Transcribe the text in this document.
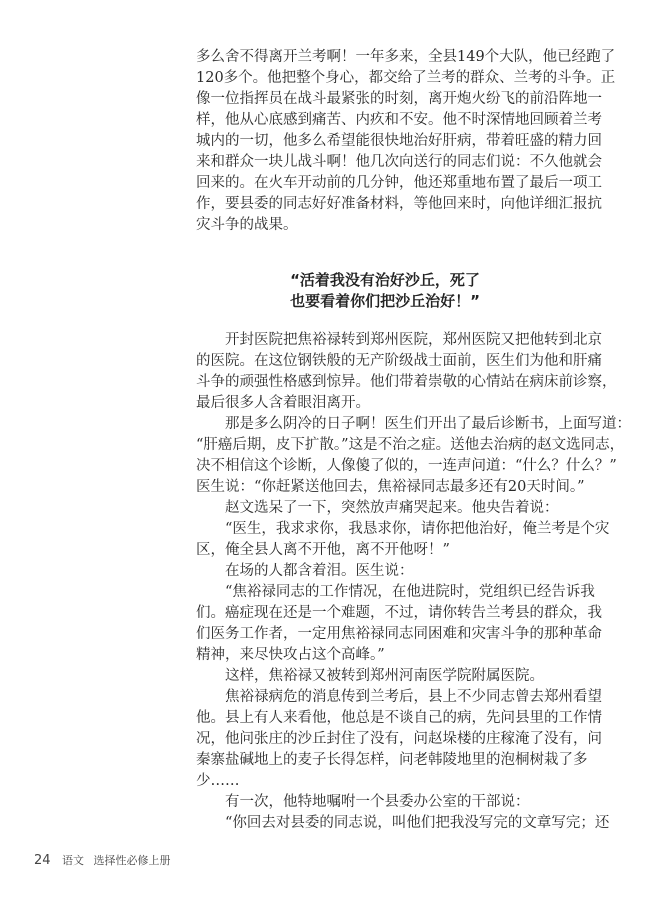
多么舍不得离开兰考啊！一年多来，全县149个大队，他已经跑了
120多个。他把整个身心，都交给了兰考的群众、兰考的斗争。正
像一位指挥员在战斗最紧张的时刻，离开炮火纷飞的前沿阵地一
样，他从心底感到痛苦、内疚和不安。他不时深情地回顾着兰考
城内的一切，他多么希望能很快地治好肝病，带着旺盛的精力回
来和群众一块儿战斗啊！他几次向送行的同志们说：不久他就会
回来的。在火车开动前的几分钟，他还郑重地布置了最后一项工
作，要县委的同志好好准备材料，等他回来时，向他详细汇报抗
灾斗争的战果。
“活着我没有治好沙丘，死了
也要看着你们把沙丘治好！”
开封医院把焦裕禄转到郑州医院，郑州医院又把他转到北京
的医院。在这位钢铁般的无产阶级战士面前，医生们为他和肝痛
斗争的顽强性格感到惊异。他们带着崇敬的心情站在病床前诊察，
最后很多人含着眼泪离开。
那是多么阴冷的日子啊！医生们开出了最后诊断书，上面写道：
“肝癌后期，皮下扩散。”这是不治之症。送他去治病的赵文选同志，
决不相信这个诊断，人像傻了似的，一连声问道：“什么？什么？”
医生说：“你赶紧送他回去，焦裕禄同志最多还有20天时间。”
赵文选呆了一下，突然放声痛哭起来。他央告着说：
“医生，我求求你，我恳求你，请你把他治好，俺兰考是个灾
区，俺全县人离不开他，离不开他呀！”
在场的人都含着泪。医生说：
“焦裕禄同志的工作情况，在他进院时，党组织已经告诉我
们。癌症现在还是一个难题，不过，请你转告兰考县的群众，我
们医务工作者，一定用焦裕禄同志同困难和灾害斗争的那种革命
精神，来尽快攻占这个高峰。”
这样，焦裕禄又被转到郑州河南医学院附属医院。
焦裕禄病危的消息传到兰考后，县上不少同志曾去郑州看望
他。县上有人来看他，他总是不谈自己的病，先问县里的工作情
况，他问张庄的沙丘封住了没有，问赵垛楼的庄稼淹了没有，问
秦寨盐碱地上的麦子长得怎样，问老韩陵地里的泡桐树栽了多
少……
有一次，他特地嘱咐一个县委办公室的干部说：
“你回去对县委的同志说，叫他们把我没写完的文章写完；还
24 语文 选择性必修上册
